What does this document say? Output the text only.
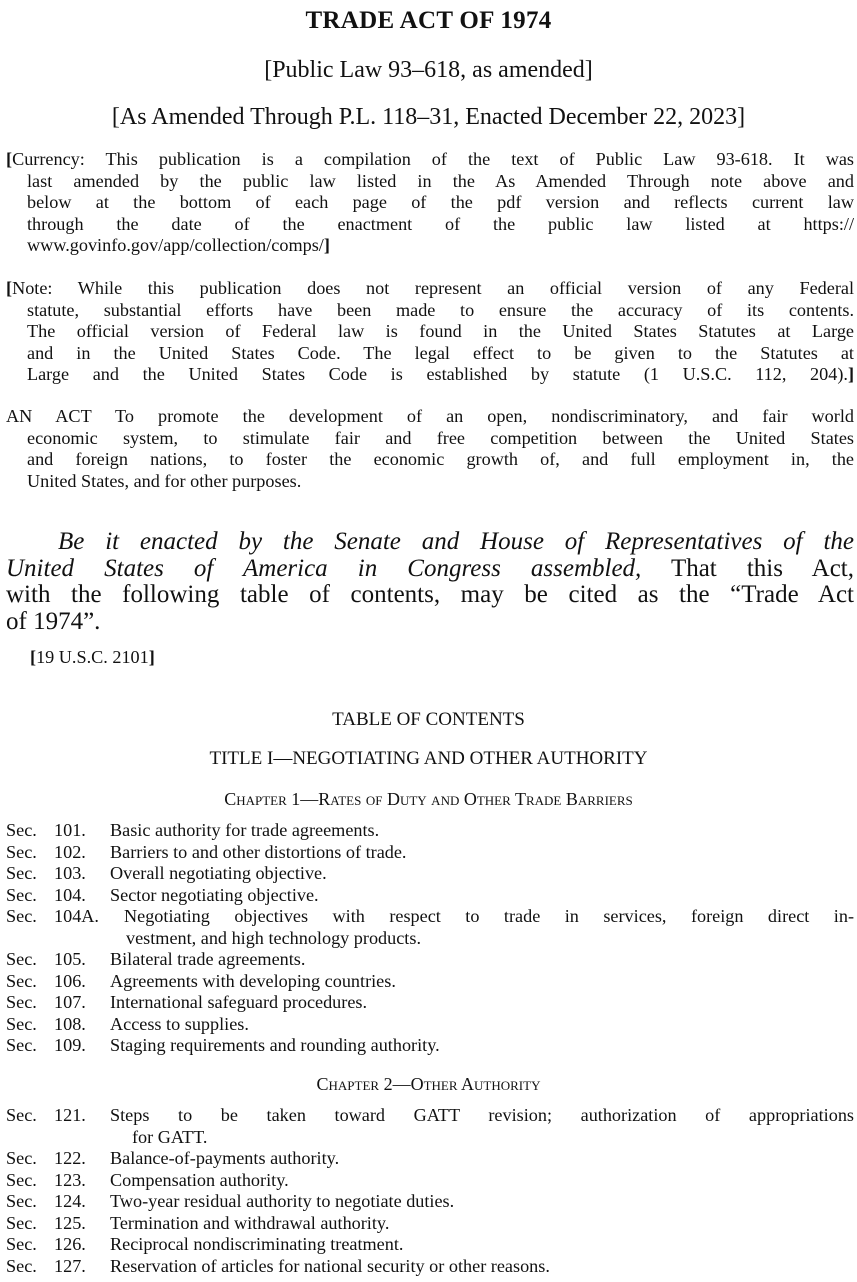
TRADE ACT OF 1974
[Public Law 93–618, as amended]
[As Amended Through P.L. 118–31, Enacted December 22, 2023]
[Currency: This publication is a compilation of the text of Public Law 93-618. It was
last amended by the public law listed in the As Amended Through note above and
below at the bottom of each page of the pdf version and reflects current law
through the date of the enactment of the public law listed at https://
www.govinfo.gov/app/collection/comps/]
[Note: While this publication does not represent an official version of any Federal
statute, substantial efforts have been made to ensure the accuracy of its contents.
The official version of Federal law is found in the United States Statutes at Large
and in the United States Code. The legal effect to be given to the Statutes at
Large and the United States Code is established by statute (1 U.S.C. 112, 204).]
AN ACT To promote the development of an open, nondiscriminatory, and fair world
economic system, to stimulate fair and free competition between the United States
and foreign nations, to foster the economic growth of, and full employment in, the
United States, and for other purposes.
Be it enacted by the Senate and House of Representatives of the
United States of America in Congress assembled, That this Act,
with the following table of contents, may be cited as the “Trade Act
of 1974”.
[19 U.S.C. 2101]
TABLE OF CONTENTS
TITLE I—NEGOTIATING AND OTHER AUTHORITY
Chapter 1—Rates of Duty and Other Trade Barriers
Sec. 101. Basic authority for trade agreements.
Sec. 102. Barriers to and other distortions of trade.
Sec. 103. Overall negotiating objective.
Sec. 104. Sector negotiating objective.
Sec. 104A. Negotiating objectives with respect to trade in services, foreign direct in-
vestment, and high technology products.
Sec. 105. Bilateral trade agreements.
Sec. 106. Agreements with developing countries.
Sec. 107. International safeguard procedures.
Sec. 108. Access to supplies.
Sec. 109. Staging requirements and rounding authority.
Chapter 2—Other Authority
Sec. 121. Steps to be taken toward GATT revision; authorization of appropriations
for GATT.
Sec. 122. Balance-of-payments authority.
Sec. 123. Compensation authority.
Sec. 124. Two-year residual authority to negotiate duties.
Sec. 125. Termination and withdrawal authority.
Sec. 126. Reciprocal nondiscriminating treatment.
Sec. 127. Reservation of articles for national security or other reasons.
